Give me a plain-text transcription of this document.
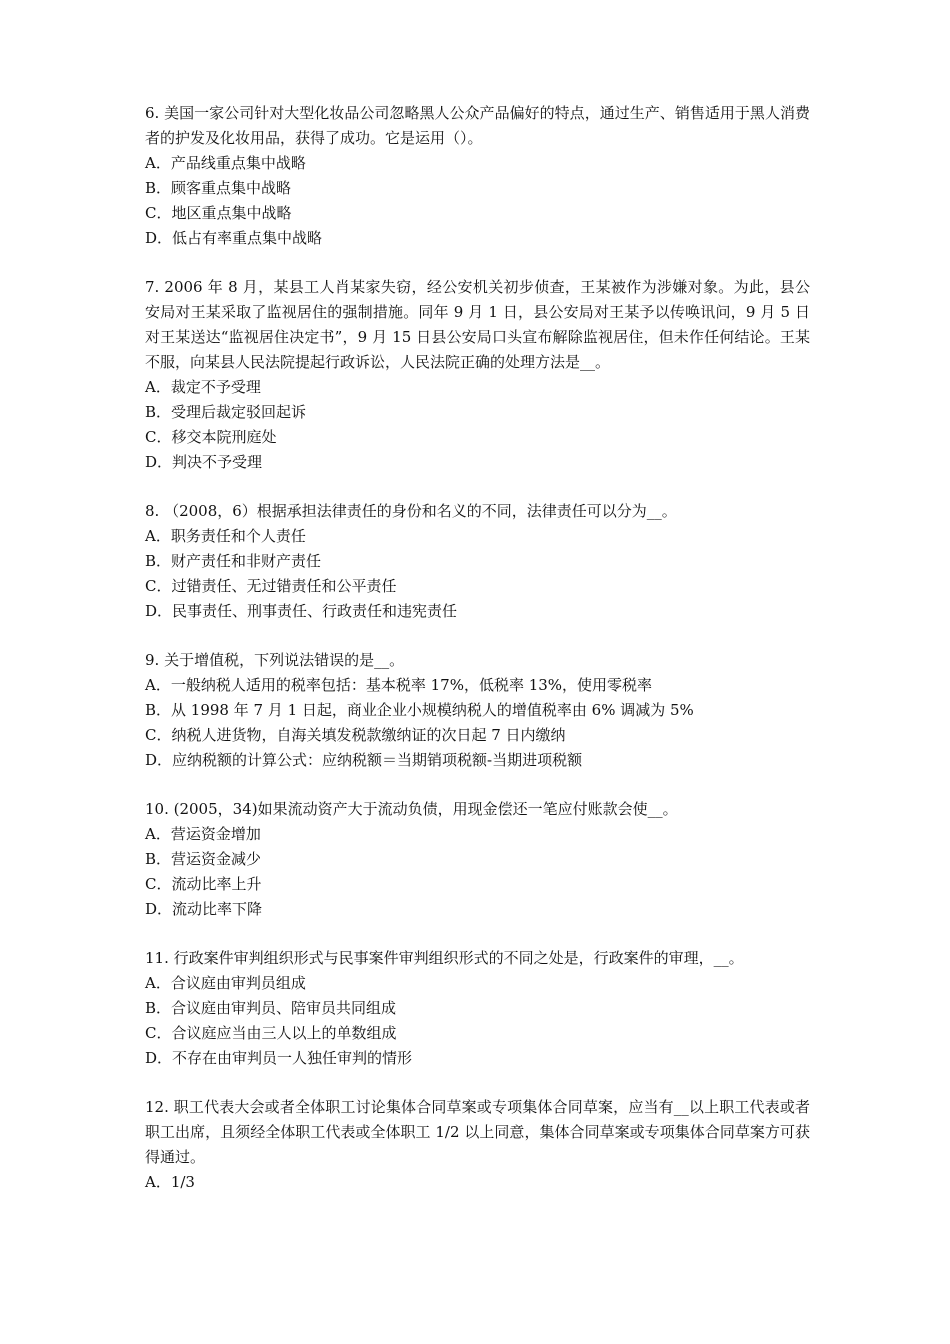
6. 美国一家公司针对大型化妆品公司忽略黑人公众产品偏好的特点，通过生产、销售适用于黑人消费者的护发及化妆用品，获得了成功。它是运用（）。

A．产品线重点集中战略

B．顾客重点集中战略

C．地区重点集中战略

D．低占有率重点集中战略

7. 2006 年 8 月，某县工人肖某家失窃，经公安机关初步侦查，王某被作为涉嫌对象。为此，县公安局对王某采取了监视居住的强制措施。同年 9 月 1 日，县公安局对王某予以传唤讯问，9 月 5 日对王某送达“监视居住决定书”，9 月 15 日县公安局口头宣布解除监视居住，但未作任何结论。王某不服，向某县人民法院提起行政诉讼，人民法院正确的处理方法是__。

A．裁定不予受理

B．受理后裁定驳回起诉

C．移交本院刑庭处

D．判决不予受理

8. （2008，6）根据承担法律责任的身份和名义的不同，法律责任可以分为__。

A．职务责任和个人责任

B．财产责任和非财产责任

C．过错责任、无过错责任和公平责任

D．民事责任、刑事责任、行政责任和违宪责任

9. 关于增值税，下列说法错误的是__。

A．一般纳税人适用的税率包括：基本税率 17%，低税率 13%，使用零税率

B．从 1998 年 7 月 1 日起，商业企业小规模纳税人的增值税率由 6% 调减为 5%

C．纳税人进货物，自海关填发税款缴纳证的次日起 7 日内缴纳

D．应纳税额的计算公式：应纳税额＝当期销项税额-当期进项税额

10. (2005，34)如果流动资产大于流动负债，用现金偿还一笔应付账款会使__。

A．营运资金增加

B．营运资金减少

C．流动比率上升

D．流动比率下降

11. 行政案件审判组织形式与民事案件审判组织形式的不同之处是，行政案件的审理，__。

A．合议庭由审判员组成

B．合议庭由审判员、陪审员共同组成

C．合议庭应当由三人以上的单数组成

D．不存在由审判员一人独任审判的情形

12. 职工代表大会或者全体职工讨论集体合同草案或专项集体合同草案，应当有__以上职工代表或者职工出席，且须经全体职工代表或全体职工 1/2 以上同意，集体合同草案或专项集体合同草案方可获得通过。

A．1/3
